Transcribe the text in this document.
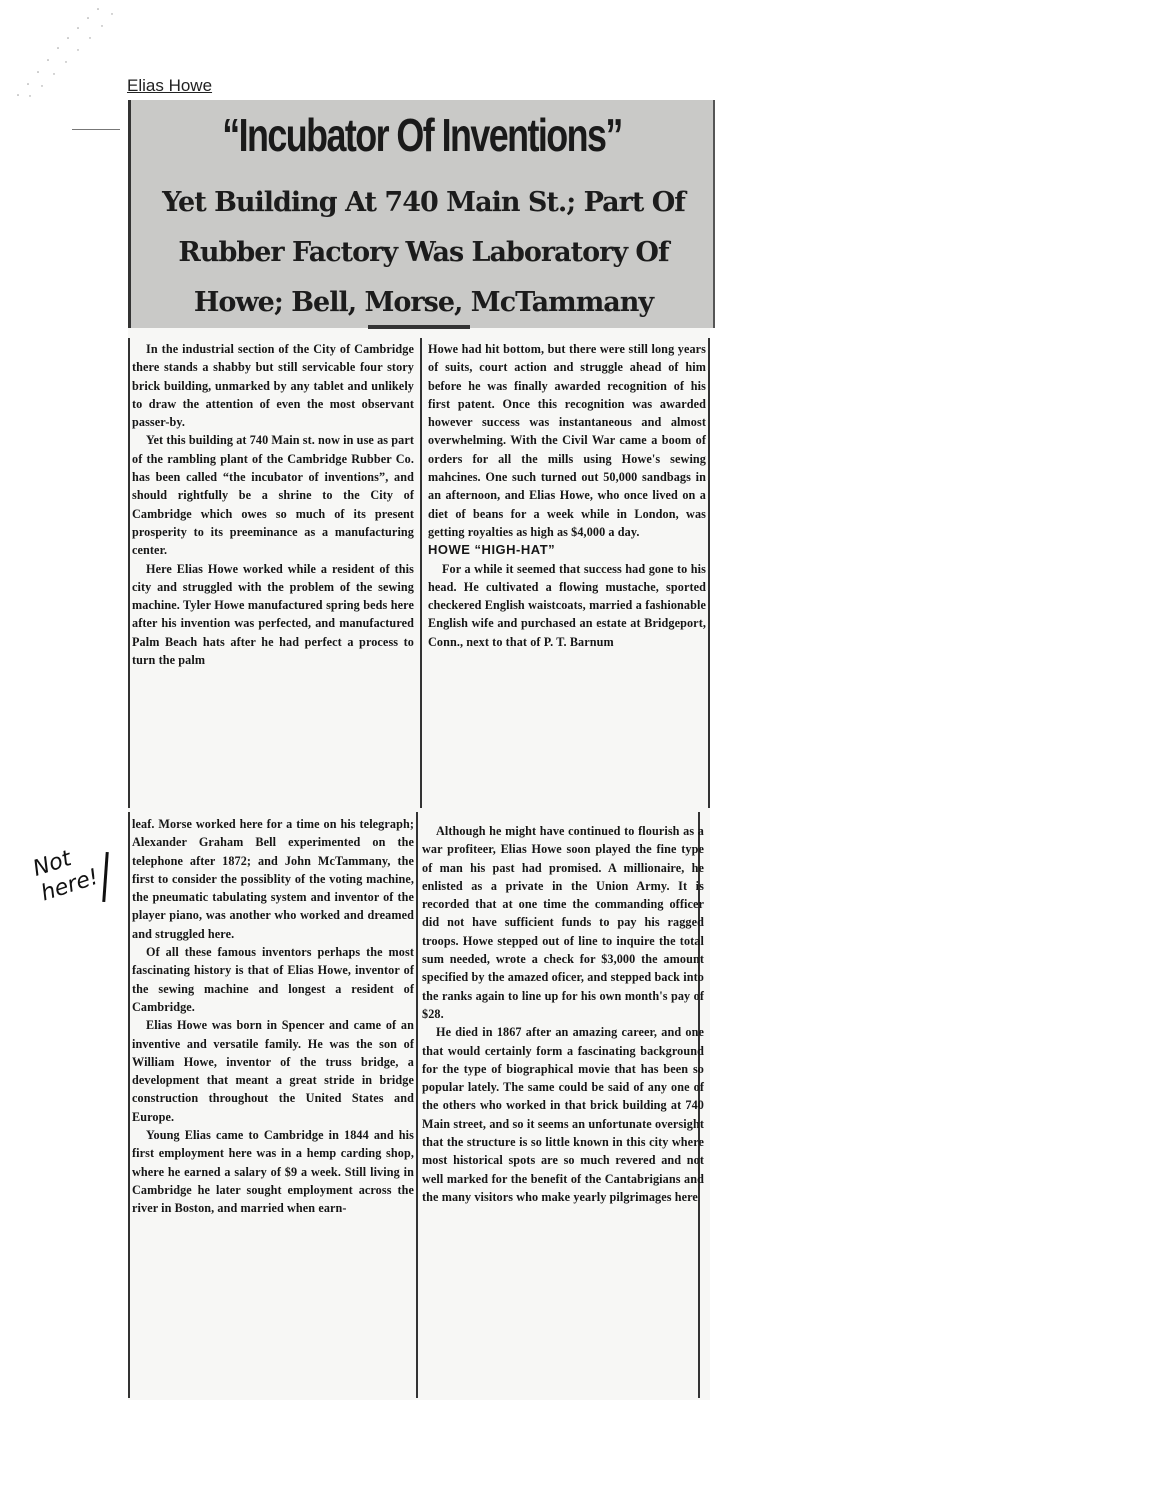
Elias Howe
“Incubator Of Inventions”
Yet Building At 740 Main St.; Part Of Rubber Factory Was Laboratory Of Howe; Bell, Morse, McTammany

In the industrial section of the City of Cambridge there stands a shabby but still servicable four story brick building, unmarked by any tablet and unlikely to draw the attention of even the most observant passer-by.

Yet this building at 740 Main st. now in use as part of the rambling plant of the Cambridge Rubber Co. has been called “the incubator of inventions”, and should rightfully be a shrine to the City of Cambridge which owes so much of its present prosperity to its preeminance as a manufacturing center.

Here Elias Howe worked while a resident of this city and struggled with the problem of the sewing machine. Tyler Howe manufactured spring beds here after his invention was perfected, and manufactured Palm Beach hats after he had perfect a process to turn the palm

Howe had hit bottom, but there were still long years of suits, court action and struggle ahead of him before he was finally awarded recognition of his first patent. Once this recognition was awarded however success was instantaneous and almost overwhelming. With the Civil War came a boom of orders for all the mills using Howe's sewing mahcines. One such turned out 50,000 sandbags in an afternoon, and Elias Howe, who once lived on a diet of beans for a week while in London, was getting royalties as high as $4,000 a day.

HOWE “HIGH-HAT”

For a while it seemed that success had gone to his head. He cultivated a flowing mustache, sported checkered English waistcoats, married a fashionable English wife and purchased an estate at Bridgeport, Conn., next to that of P. T. Barnum

leaf. Morse worked here for a time on his telegraph; Alexander Graham Bell experimented on the telephone after 1872; and John McTammany, the first to consider the possiblity of the voting machine, the pneumatic tabulating system and inventor of the player piano, was another who worked and dreamed and struggled here.

Of all these famous inventors perhaps the most fascinating history is that of Elias Howe, inventor of the sewing machine and longest a resident of Cambridge.

Elias Howe was born in Spencer and came of an inventive and versatile family. He was the son of William Howe, inventor of the truss bridge, a development that meant a great stride in bridge construction throughout the United States and Europe.

Young Elias came to Cambridge in 1844 and his first employment here was in a hemp carding shop, where he earned a salary of $9 a week. Still living in Cambridge he later sought employment across the river in Boston, and married when earn-

Although he might have continued to flourish as a war profiteer, Elias Howe soon played the fine type of man his past had promised. A millionaire, he enlisted as a private in the Union Army. It is recorded that at one time the commanding officer did not have sufficient funds to pay his ragged troops. Howe stepped out of line to inquire the total sum needed, wrote a check for $3,000 the amount specified by the amazed oficer, and stepped back into the ranks again to line up for his own month's pay of $28.

He died in 1867 after an amazing career, and one that would certainly form a fascinating background for the type of biographical movie that has been so popular lately. The same could be said of any one of the others who worked in that brick building at 740 Main street, and so it seems an unfortunate oversight that the structure is so little known in this city where most historical spots are so much revered and not well marked for the benefit of the Cantabrigians and the many visitors who make yearly pilgrimages here

Not here!
